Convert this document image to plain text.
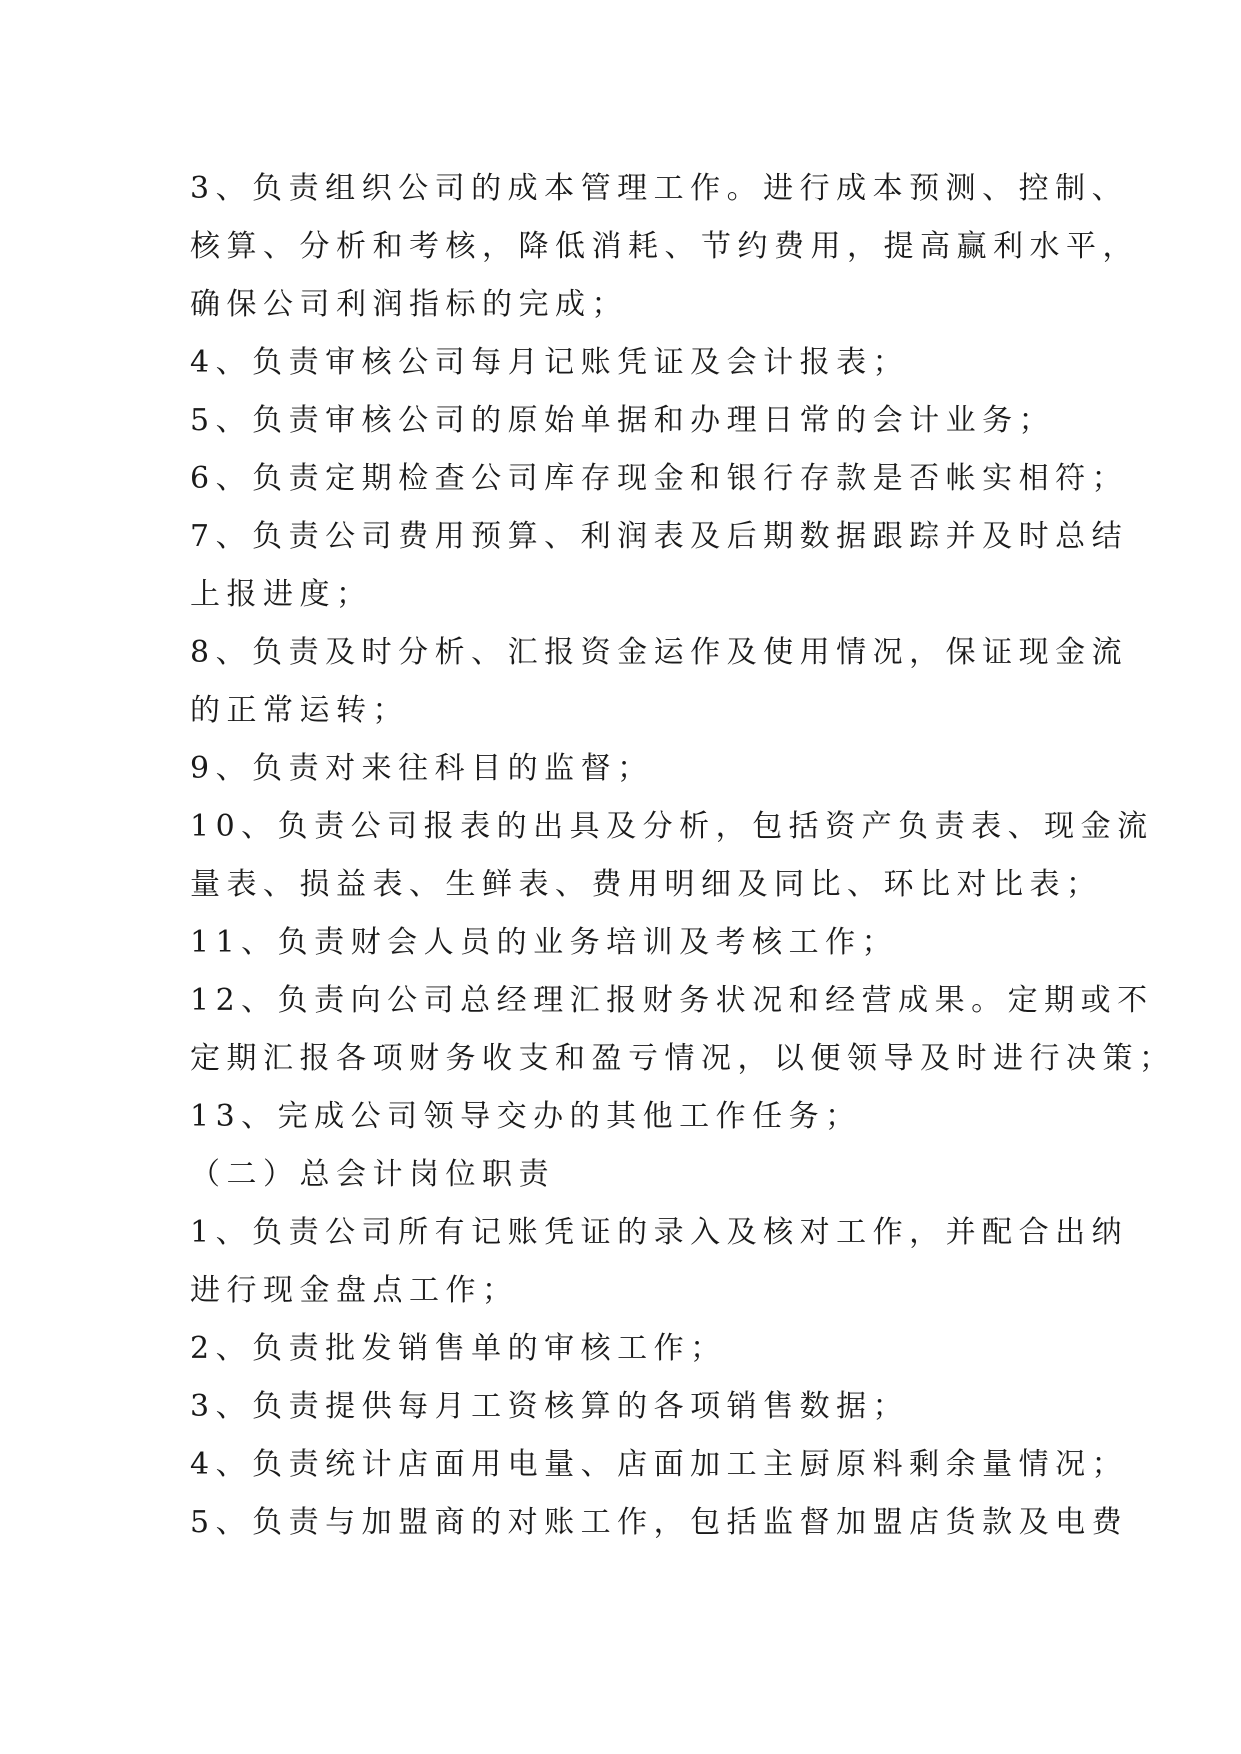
3、负责组织公司的成本管理工作。进行成本预测、控制、
核算、分析和考核，降低消耗、节约费用，提高赢利水平，
确保公司利润指标的完成；
4、负责审核公司每月记账凭证及会计报表；
5、负责审核公司的原始单据和办理日常的会计业务；
6、负责定期检查公司库存现金和银行存款是否帐实相符；
7、负责公司费用预算、利润表及后期数据跟踪并及时总结
上报进度；
8、负责及时分析、汇报资金运作及使用情况，保证现金流
的正常运转；
9、负责对来往科目的监督；
10、负责公司报表的出具及分析，包括资产负责表、现金流
量表、损益表、生鲜表、费用明细及同比、环比对比表；
11、负责财会人员的业务培训及考核工作；
12、负责向公司总经理汇报财务状况和经营成果。定期或不
定期汇报各项财务收支和盈亏情况，以便领导及时进行决策；
13、完成公司领导交办的其他工作任务；
（二）总会计岗位职责
1、负责公司所有记账凭证的录入及核对工作，并配合出纳
进行现金盘点工作；
2、负责批发销售单的审核工作；
3、负责提供每月工资核算的各项销售数据；
4、负责统计店面用电量、店面加工主厨原料剩余量情况；
5、负责与加盟商的对账工作，包括监督加盟店货款及电费
